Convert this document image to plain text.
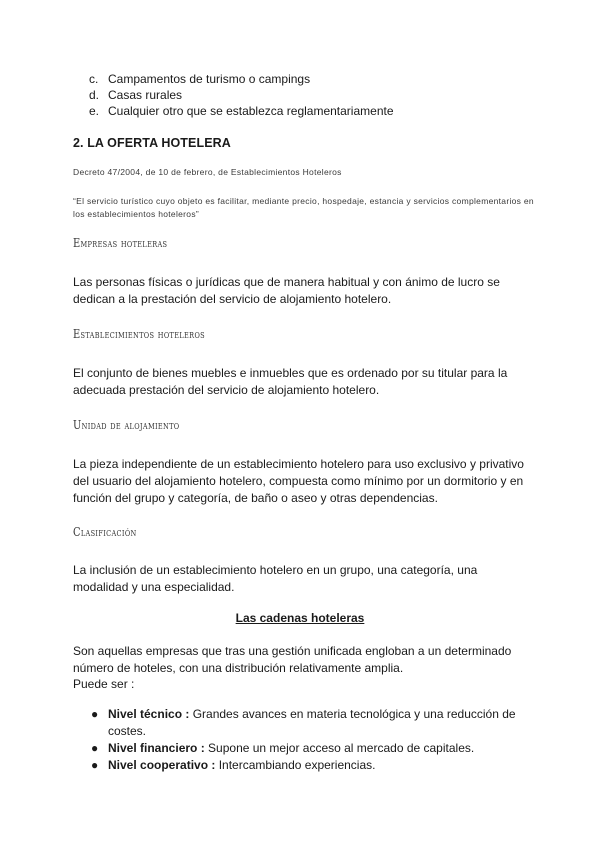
c. Campamentos de turismo o campings
d. Casas rurales
e. Cualquier otro que se establezca reglamentariamente
2. LA OFERTA HOTELERA
Decreto 47/2004, de 10 de febrero, de Establecimientos Hoteleros
“El servicio turístico cuyo objeto es facilitar, mediante precio, hospedaje, estancia y servicios complementarios en los establecimientos hoteleros”
Empresas hoteleras
Las personas físicas o jurídicas que de manera habitual y con ánimo de lucro se dedican a la prestación del servicio de alojamiento hotelero.
Establecimientos hoteleros
El conjunto de bienes muebles e inmuebles que es ordenado por su titular para la adecuada prestación del servicio de alojamiento hotelero.
Unidad de alojamiento
La pieza independiente de un establecimiento hotelero para uso exclusivo y privativo del usuario del alojamiento hotelero, compuesta como mínimo por un dormitorio y en función del grupo y categoría, de baño o aseo y otras dependencias.
Clasificación
La inclusión de un establecimiento hotelero en un grupo, una categoría, una modalidad y una especialidad.
Las cadenas hoteleras
Son aquellas empresas que tras una gestión unificada engloban a un determinado número de hoteles, con una distribución relativamente amplia.
Puede ser :
● Nivel técnico : Grandes avances en materia tecnológica y una reducción de costes.
● Nivel financiero : Supone un mejor acceso al mercado de capitales.
● Nivel cooperativo : Intercambiando experiencias.
